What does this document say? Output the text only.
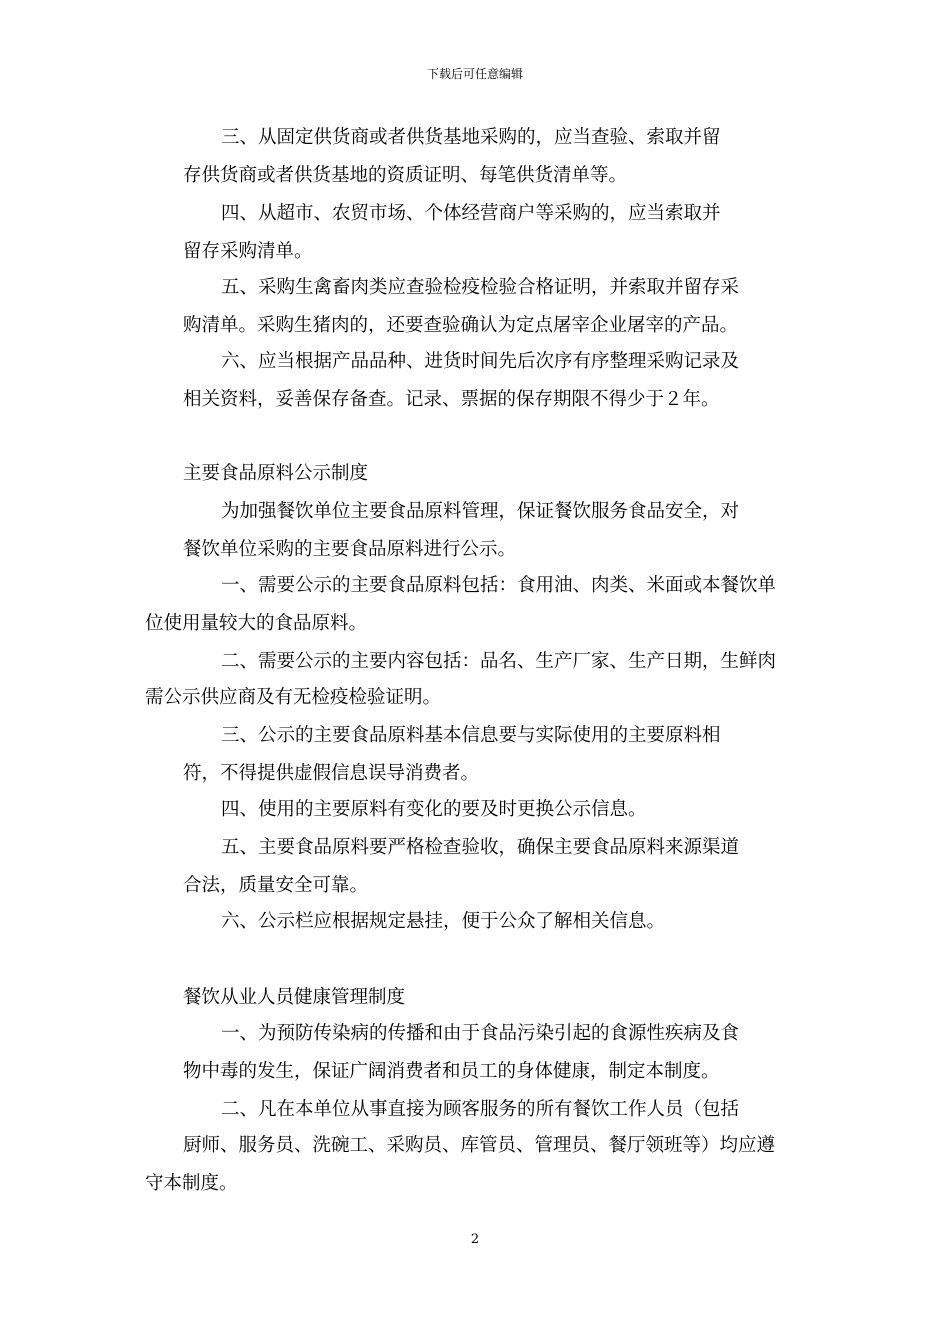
下载后可任意编辑
三、从固定供货商或者供货基地采购的，应当查验、索取并留
存供货商或者供货基地的资质证明、每笔供货清单等。
四、从超市、农贸市场、个体经营商户等采购的，应当索取并
留存采购清单。
五、采购生禽畜肉类应查验检疫检验合格证明，并索取并留存采
购清单。采购生猪肉的，还要查验确认为定点屠宰企业屠宰的产品。
六、应当根据产品品种、进货时间先后次序有序整理采购记录及
相关资料，妥善保存备查。记录、票据的保存期限不得少于２年。
主要食品原料公示制度
为加强餐饮单位主要食品原料管理，保证餐饮服务食品安全，对
餐饮单位采购的主要食品原料进行公示。
一、需要公示的主要食品原料包括：食用油、肉类、米面或本餐饮单
位使用量较大的食品原料。
二、需要公示的主要内容包括：品名、生产厂家、生产日期，生鲜肉
需公示供应商及有无检疫检验证明。
三、公示的主要食品原料基本信息要与实际使用的主要原料相
符，不得提供虚假信息误导消费者。
四、使用的主要原料有变化的要及时更换公示信息。
五、主要食品原料要严格检查验收，确保主要食品原料来源渠道
合法，质量安全可靠。
六、公示栏应根据规定悬挂，便于公众了解相关信息。
餐饮从业人员健康管理制度
一、为预防传染病的传播和由于食品污染引起的食源性疾病及食
物中毒的发生，保证广阔消费者和员工的身体健康，制定本制度。
二、凡在本单位从事直接为顾客服务的所有餐饮工作人员（包括
厨师、服务员、洗碗工、采购员、库管员、管理员、餐厅领班等）均应遵
守本制度。
2
